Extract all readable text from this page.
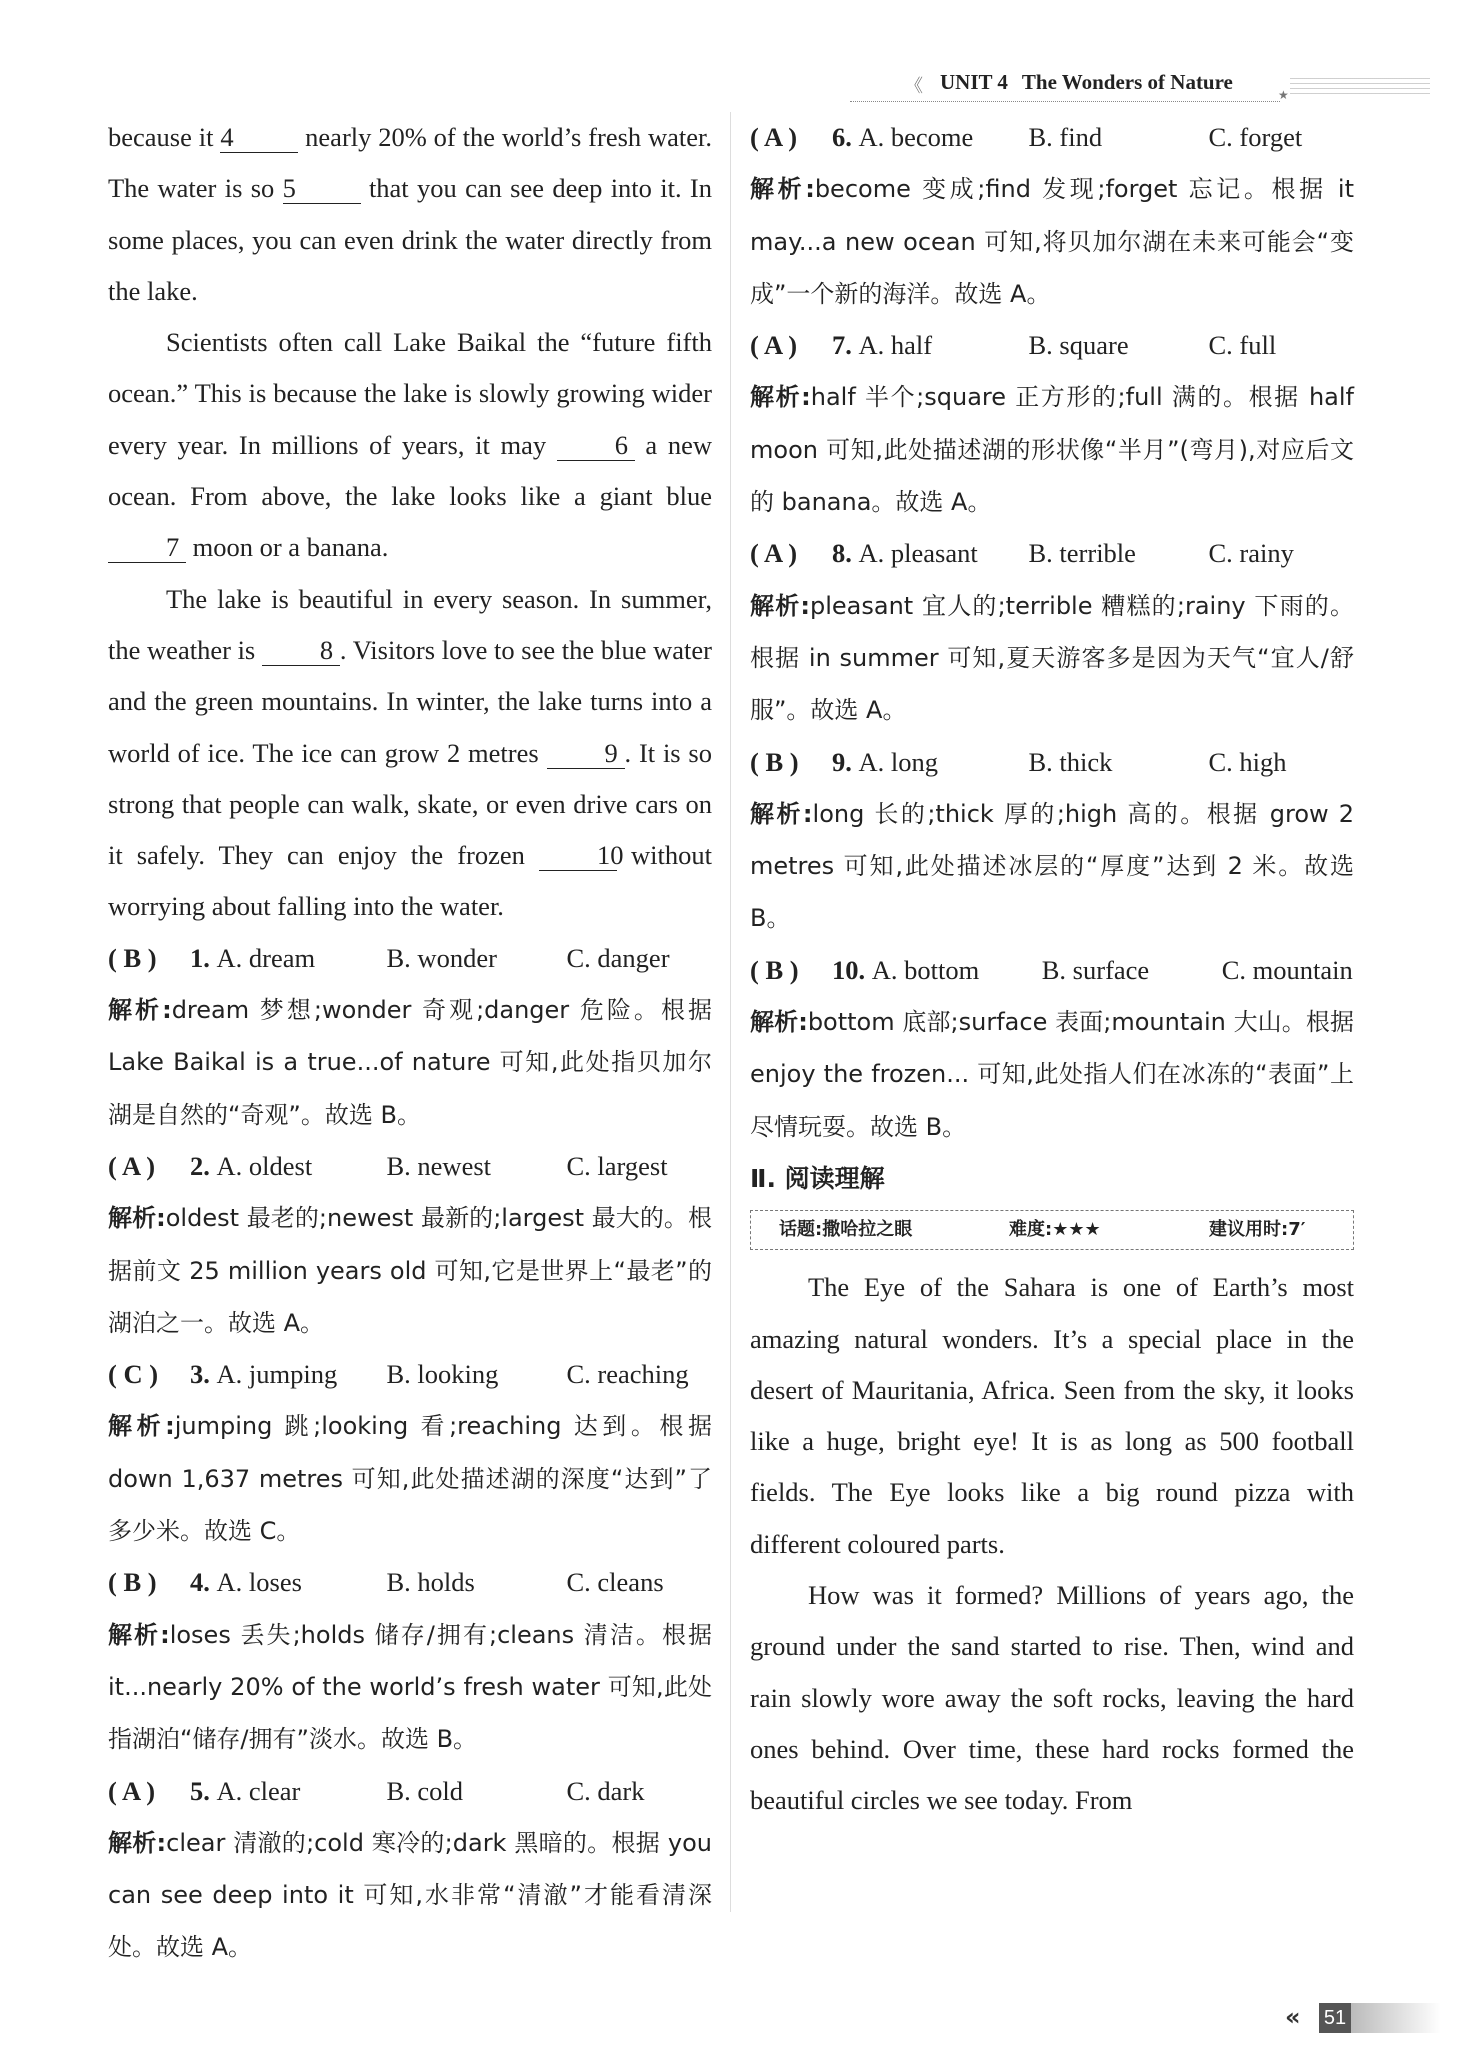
《 UNIT 4 The Wonders of Nature
★

because it 4	nearly 20% of the world’s fresh water. The water is so 5	that you can see deep into it. In some places, you can even drink the water directly from the lake.

Scientists often call Lake Baikal the “future fifth ocean.” This is because the lake is slowly growing wider every year. In millions of years, it may	6 a new ocean. From above, the lake looks like a giant blue 7 moon or a banana.

The lake is beautiful in every season. In summer, the weather is 8 . Visitors love to see the blue water and the green mountains. In winter, the lake turns into a world of ice. The ice can grow 2 metres 9 . It is so strong that people can walk, skate, or even drive cars on it safely. They can enjoy the frozen	10 without worrying about falling into the water.

( B ) 1. A. dream	B. wonder	C. danger

解析:dream 梦想;wonder 奇观;danger 危险。根据 Lake Baikal is a true...of nature 可知,此处指贝加尔湖是自然的“奇观”。故选 B。

( A ) 2. A. oldest	B. newest	C. largest

解析:oldest 最老的;newest 最新的;largest 最大的。根据前文 25 million years old 可知,它是世界上“最老”的湖泊之一。故选 A。

( C ) 3. A. jumping B. looking	C. reaching

解析:jumping 跳;looking 看;reaching 达到。根据 down 1,637 metres 可知,此处描述湖的深度“达到”了多少米。故选 C。

( B ) 4. A. loses	B. holds	C. cleans

解析:loses 丢失;holds 储存/拥有;cleans 清洁。根据 it...nearly 20% of the world’s fresh water 可知,此处指湖泊“储存/拥有”淡水。故选 B。

( A ) 5. A. clear	B. cold	C. dark

解析:clear 清澈的;cold 寒冷的;dark 黑暗的。根据 you can see deep into it 可知,水非常“清澈”才能看清深处。故选 A。

( A ) 6. A. become B. find	C. forget

解析:become 变成;find 发现;forget 忘记。根据 it may...a new ocean 可知,将贝加尔湖在未来可能会“变成”一个新的海洋。故选 A。

( A ) 7. A. half	B. square	C. full

解析:half 半个;square 正方形的;full 满的。根据 half moon 可知,此处描述湖的形状像“半月”(弯月),对应后文的 banana。故选 A。

( A ) 8. A. pleasant B. terrible	C. rainy

解析:pleasant 宜人的;terrible 糟糕的;rainy 下雨的。根据 in summer 可知,夏天游客多是因为天气“宜人/舒服”。故选 A。

( B ) 9. A. long	B. thick	C. high

解析:long 长的;thick 厚的;high 高的。根据 grow 2 metres 可知,此处描述冰层的“厚度”达到 2 米。故选 B。

( B ) 10. A. bottom B. surface	C. mountain

解析:bottom 底部;surface 表面;mountain 大山。根据 enjoy the frozen... 可知,此处指人们在冰冻的“表面”上尽情玩耍。故选 B。

Ⅱ. 阅读理解

话题:撒哈拉之眼	难度:★★★	建议用时:7′

The Eye of the Sahara is one of Earth’s most amazing natural wonders. It’s a special place in the desert of Mauritania, Africa. Seen from the sky, it looks like a huge, bright eye! It is as long as 500 football fields. The Eye looks like a big round pizza with different coloured parts.

How was it formed? Millions of years ago, the ground under the sand started to rise. Then, wind and rain slowly wore away the soft rocks, leaving the hard ones behind. Over time, these hard rocks formed the beautiful circles we see today. From

« 51
